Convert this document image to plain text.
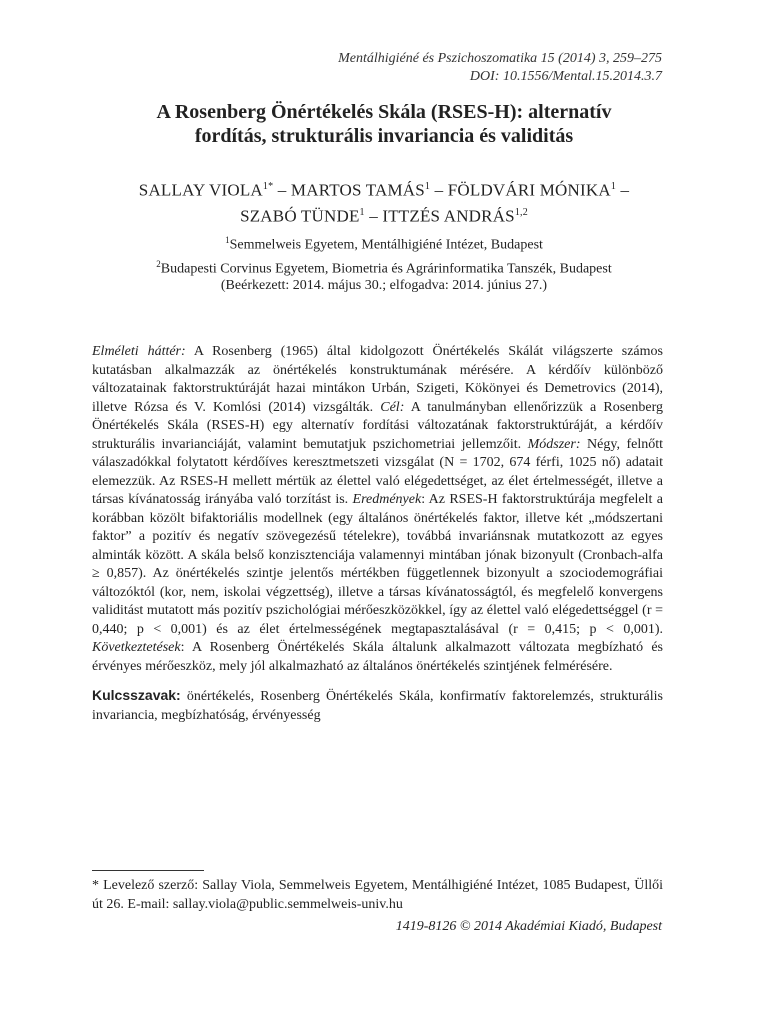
Mentálhigiéné és Pszichoszomatika 15 (2014) 3, 259–275
DOI: 10.1556/Mental.15.2014.3.7
A Rosenberg Önértékelés Skála (RSES-H): alternatív
fordítás, strukturális invariancia és validitás
SALLAY $VIOLA^{1*}$ – MARTOS TAMÁS$^1$ – FÖLDVÁRI MÓNIKA$^1$ –
SZABÓ TÜNDE$^1$ – ITTZÉS ANDRÁS$^{1,2}$
$^1$Semmelweis Egyetem, Mentálhigiéné Intézet, Budapest
$^2$Budapesti Corvinus Egyetem, Biometria és Agrárinformatika Tanszék, Budapest
(Beérkezett: 2014. május 30.; elfogadva: 2014. június 27.)
Elméleti háttér: A Rosenberg (1965) által kidolgozott Önértékelés Skálát világszerte számos kutatásban alkalmazzák az önértékelés konstruktumának mérésére. A kérdőív különböző változatainak faktorstruktúráját hazai mintákon Urbán, Szigeti, Kökönyei és Demetrovics (2014), illetve Rózsa és V. Komlósi (2014) vizsgálták. Cél: A tanulmányban ellenőrizzük a Rosenberg Önértékelés Skála (RSES-H) egy alternatív fordítási változatának faktorstruktúráját, a kérdőív strukturális invarianciáját, valamint bemutatjuk pszichometriai jellemzőit. Módszer: Négy, felnőtt válaszadókkal folytatott kérdőíves keresztmetszeti vizsgálat (N = 1702, 674 férfi, 1025 nő) adatait elemezzük. Az RSES-H mellett mértük az élettel való elégedettséget, az élet értelmességét, illetve a társas kívánatosság irányába való torzítást is. Eredmények: Az RSES-H faktorstruktúrája megfelelt a korábban közölt bifaktoriális modellnek (egy általános önértékelés faktor, illetve két „módszertani faktor” a pozitív és negatív szövegezésű tételekre), továbbá invariánsnak mutatkozott az egyes alminták között. A skála belső konzisztenciája valamennyi mintában jónak bizonyult (Cronbach-alfa ≥ 0,857). Az önértékelés szintje jelentős mértékben függetlennek bizonyult a szociodemográfiai változóktól (kor, nem, iskolai végzettség), illetve a társas kívánatosságtól, és megfelelő konvergens validitást mutatott más pozitív pszichológiai mérőeszközökkel, így az élettel való elégedettséggel (r = 0,440; p < 0,001) és az élet értelmességének megtapasztalásával (r = 0,415; p < 0,001). Következtetések: A Rosenberg Önértékelés Skála általunk alkalmazott változata megbízható és érvényes mérőeszköz, mely jól alkalmazható az általános önértékelés szintjének felmérésére.
Kulcsszavak: önértékelés, Rosenberg Önértékelés Skála, konfirmatív faktorelemzés, strukturális invariancia, megbízhatóság, érvényesség
* Levelező szerző: Sallay Viola, Semmelweis Egyetem, Mentálhigiéné Intézet, 1085 Budapest, Üllői út 26. E-mail: sallay.viola@public.semmelweis-univ.hu
1419-8126 © 2014 Akadémiai Kiadó, Budapest
